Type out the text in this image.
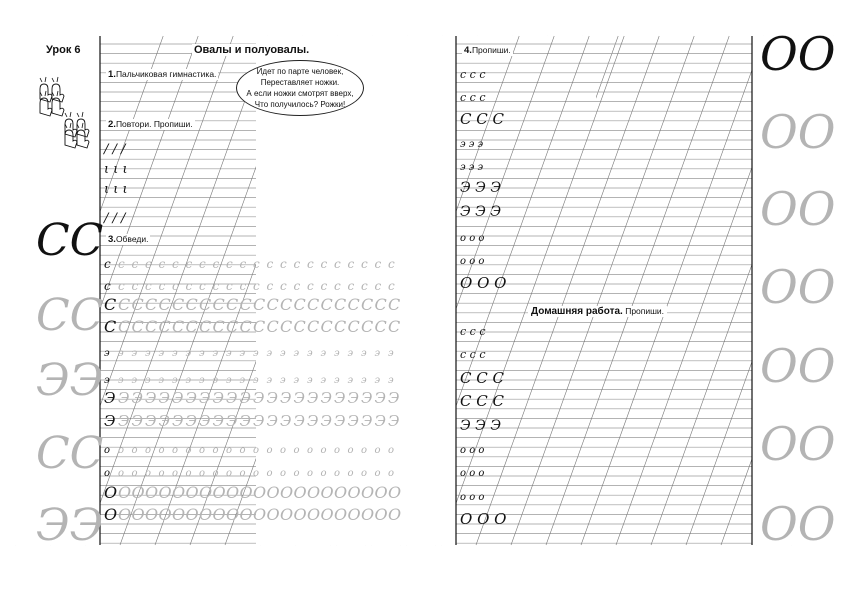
СС
СС
ЭЭ
СС
ЭЭ
ОО
ОО
ОО
ОО
ОО
ОО
ОО
/ / /
ι ι ι
ι ι ι
/ / /
с с с с с с с с с с с с с с с с с с с с с с
с с с с с с с с с с с с с с с с с с с с с с
С С С С С С С С С С С С С С С С С С С С С С
С С С С С С С С С С С С С С С С С С С С С С
э э э э э э э э э э э э э э э э э э э э э э
э э э э э э э э э э э э э э э э э э э э э э
Э Э Э Э Э Э Э Э Э Э Э Э Э Э Э Э Э Э Э Э Э Э
Э Э Э Э Э Э Э Э Э Э Э Э Э Э Э Э Э Э Э Э Э Э
о о о о о о о о о о о о о о о о о о о о о о
о о о о о о о о о о о о о о о о о о о о о о
О О О О О О О О О О О О О О О О О О О О О О
О О О О О О О О О О О О О О О О О О О О О О
с с с
с с с
С С С
э э э
э э э
Э Э Э
Э Э Э
о о о
о о о
О О О
с с с
с с с
С С С
С С С
Э Э Э
о о о
о о о
о о о
О О О
Урок 6	Овалы и полуовалы.
1.Пальчиковая гимнастика.	Идет по парте человек,
Переставляет ножки.
А если ножки смотрят вверх,
Что получилось? Рожки!
2.Повтори. Пропиши.
3.Обведи.
4.Пропиши.
Домашняя работа. Пропиши.
